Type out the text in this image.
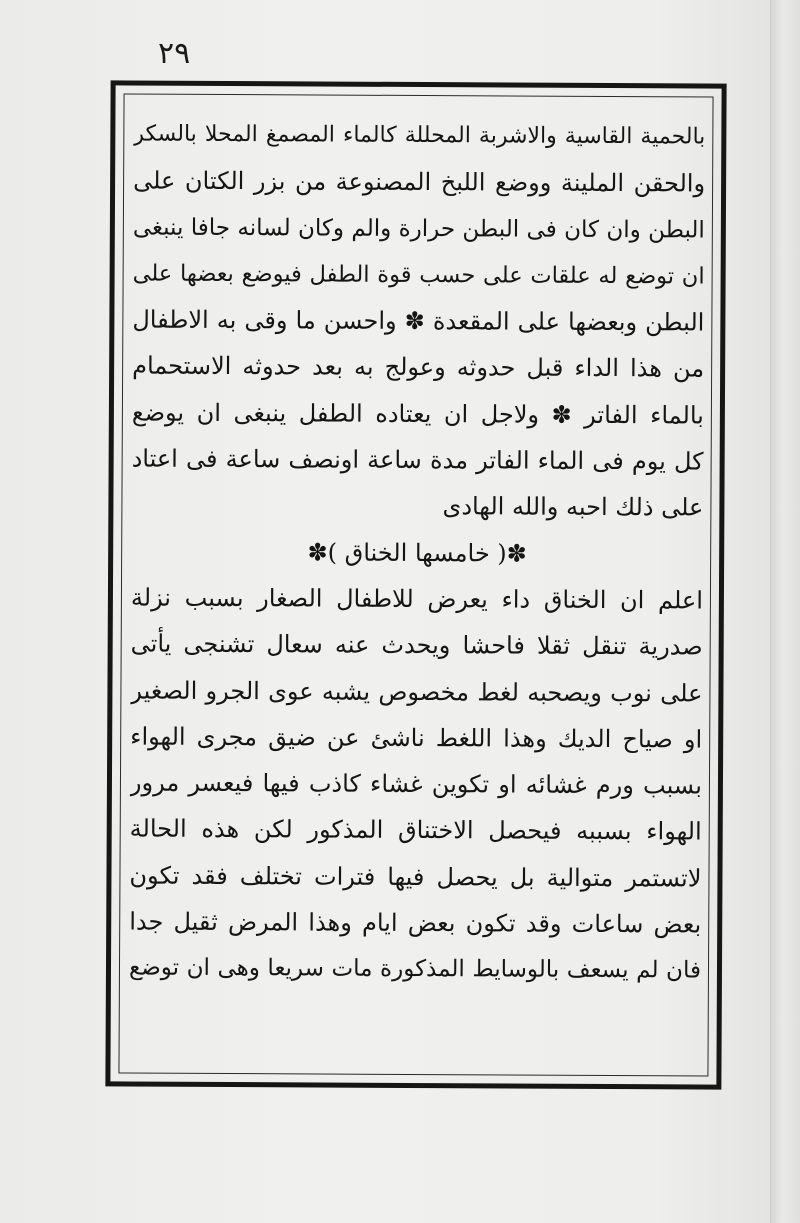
٢٩
بالحمية القاسية والاشربة المحللة كالماء المصمغ المحلا بالسكر
والحقن الملينة ووضع اللبخ المصنوعة من بزر الكتان على
البطن وان كان فى البطن حرارة والم وكان لسانه جافا ينبغى
ان توضع له علقات على حسب قوة الطفل فيوضع بعضها على
البطن وبعضها على المقعدة ✽ واحسن ما وقى به الاطفال
من هذا الداء قبل حدوثه وعولج به بعد حدوثه الاستحمام
بالماء الفاتر ✽ ولاجل ان يعتاده الطفل ينبغى ان يوضع
كل يوم فى الماء الفاتر مدة ساعة اونصف ساعة فى اعتاد
على ذلك احبه والله الهادى
✽( خامسها الخناق )✽
اعلم ان الخناق داء يعرض للاطفال الصغار بسبب نزلة
صدرية تنقل ثقلا فاحشا ويحدث عنه سعال تشنجى يأتى
على نوب ويصحبه لغط مخصوص يشبه عوى الجرو الصغير
او صياح الديك وهذا اللغط ناشئ عن ضيق مجرى الهواء
بسبب ورم غشائه او تكوين غشاء كاذب فيها فيعسر مرور
الهواء بسببه فيحصل الاختناق المذكور لكن هذه الحالة
لاتستمر متوالية بل يحصل فيها فترات تختلف فقد تكون
بعض ساعات وقد تكون بعض ايام وهذا المرض ثقيل جدا
فان لم يسعف بالوسايط المذكورة مات سريعا وهى ان توضع
